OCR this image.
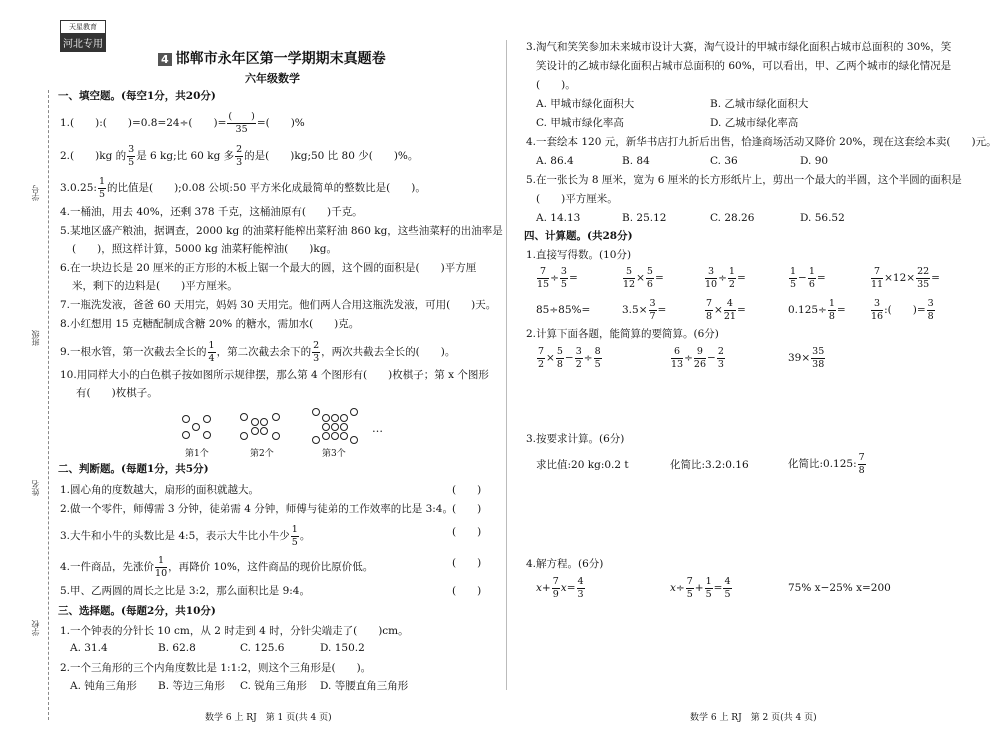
天星教育
河北专用
学号
班级
姓名
学校
4 邯郸市永年区第一学期期末真题卷
六年级数学
一、填空题。(每空1分，共20分)
1.(　　):(　　)=0.8=24÷(　　)= $\frac{( )}{35}$ =(　　)%
2.(　　)kg 的 $\frac{3}{5}$ 是 6 kg;比 60 kg 多 $\frac{2}{3}$ 的是(　　)kg;50 比 80 少(　　)%。
3.0.25: $\frac{1}{5}$ 的比值是(　　);0.08 公顷:50 平方米化成最简单的整数比是(　　)。
4.一桶油，用去 40%，还剩 378 千克，这桶油原有(　　)千克。
5.某地区盛产粮油，据调查，2000 kg 的油菜籽能榨出菜籽油 860 kg，这些油菜籽的出油率是
(　　)，照这样计算，5000 kg 油菜籽能榨油(　　)kg。
6.在一块边长是 20 厘米的正方形的木板上锯一个最大的圆，这个圆的面积是(　　)平方厘
米，剩下的边料是(　　)平方厘米。
7.一瓶洗发液，爸爸 60 天用完，妈妈 30 天用完。他们两人合用这瓶洗发液，可用(　　)天。
8.小红想用 15 克糖配制成含糖 20% 的糖水，需加水(　　)克。
9.一根水管，第一次截去全长的 $\frac{1}{4}$ ，第二次截去余下的 $\frac{2}{3}$ ，两次共截去全长的(　　)。
10.用同样大小的白色棋子按如图所示规律摆，那么第 4 个图形有(　　)枚棋子；第 x 个图形
有(　　)枚棋子。
第1个	第2个	第3个
…
二、判断题。(每题1分，共5分)
1.圆心角的度数越大，扇形的面积就越大。	(　　)
2.做一个零件，师傅需 3 分钟，徒弟需 4 分钟，师傅与徒弟的工作效率的比是 3:4。 (　　)
3.大牛和小牛的头数比是 4:5，表示大牛比小牛少 $\frac{1}{5}$ 。	(　　)
4.一件商品，先涨价 $\frac{1}{10}$ ，再降价 10%，这件商品的现价比原价低。	(　　)
5.甲、乙两圆的周长之比是 3:2，那么面积比是 9:4。	(　　)
三、选择题。(每题2分，共10分)
1.一个钟表的分针长 10 cm，从 2 时走到 4 时，分针尖端走了(　　)cm。
A. 31.4	B. 62.8	C. 125.6	D. 150.2
2.一个三角形的三个内角度数比是 1:1:2，则这个三角形是(　　)。
A. 钝角三角形 B. 等边三角形 C. 锐角三角形 D. 等腰直角三角形
数学 6 上 RJ　第 1 页(共 4 页)
3.淘气和笑笑参加未来城市设计大赛，淘气设计的甲城市绿化面积占城市总面积的 30%，笑
笑设计的乙城市绿化面积占城市总面积的 60%，可以看出，甲、乙两个城市的绿化情况是
(　　)。
A. 甲城市绿化面积大	B. 乙城市绿化面积大
C. 甲城市绿化率高	D. 乙城市绿化率高
4.一套绘本 120 元，新华书店打九折后出售，恰逢商场活动又降价 20%，现在这套绘本卖(　　)元。
A. 86.4	B. 84	C. 36	D. 90
5.在一张长为 8 厘米，宽为 6 厘米的长方形纸片上，剪出一个最大的半圆，这个半圆的面积是
(　　)平方厘米。
A. 14.13	B. 25.12	C. 28.26	D. 56.52
四、计算题。(共28分)
1.直接写得数。(10分)
$\frac{7}{15} \div \frac{3}{5}$ =	$\frac{5}{12} \times \frac{5}{6}$ =	$\frac{3}{10} \div \frac{1}{2}$ =	$\frac{1}{5} - \frac{1}{6}$ =	$\frac{7}{11} \times 12\times \frac{22}{35}$ =
85÷85%=	$3.5\times \frac{3}{7}$ =	$\frac{7}{8} \times \frac{4}{21}$ =	$0.125\div \frac{1}{8}$ =	$\frac{3}{16}$ :(　　)= $\frac{3}{8}$
2.计算下面各题，能简算的要简算。(6分)
$\frac{7}{2} \times \frac{5}{8} - \frac{3}{2} \div \frac{8}{5}$	$\frac{6}{13} \div \frac{9}{26} - \frac{2}{3}$	$39\times \frac{35}{38}$
3.按要求计算。(6分)
求比值:20 kg:0.2 t	化简比:3.2:0.16	化简比:0.125: $\frac{7}{8}$
4.解方程。(6分)
$x+ \frac{7}{9} x= \frac{4}{3}$	$x\div \frac{7}{5} + \frac{1}{5} = \frac{4}{5}$	75% x−25% x=200
数学 6 上 RJ　第 2 页(共 4 页)
